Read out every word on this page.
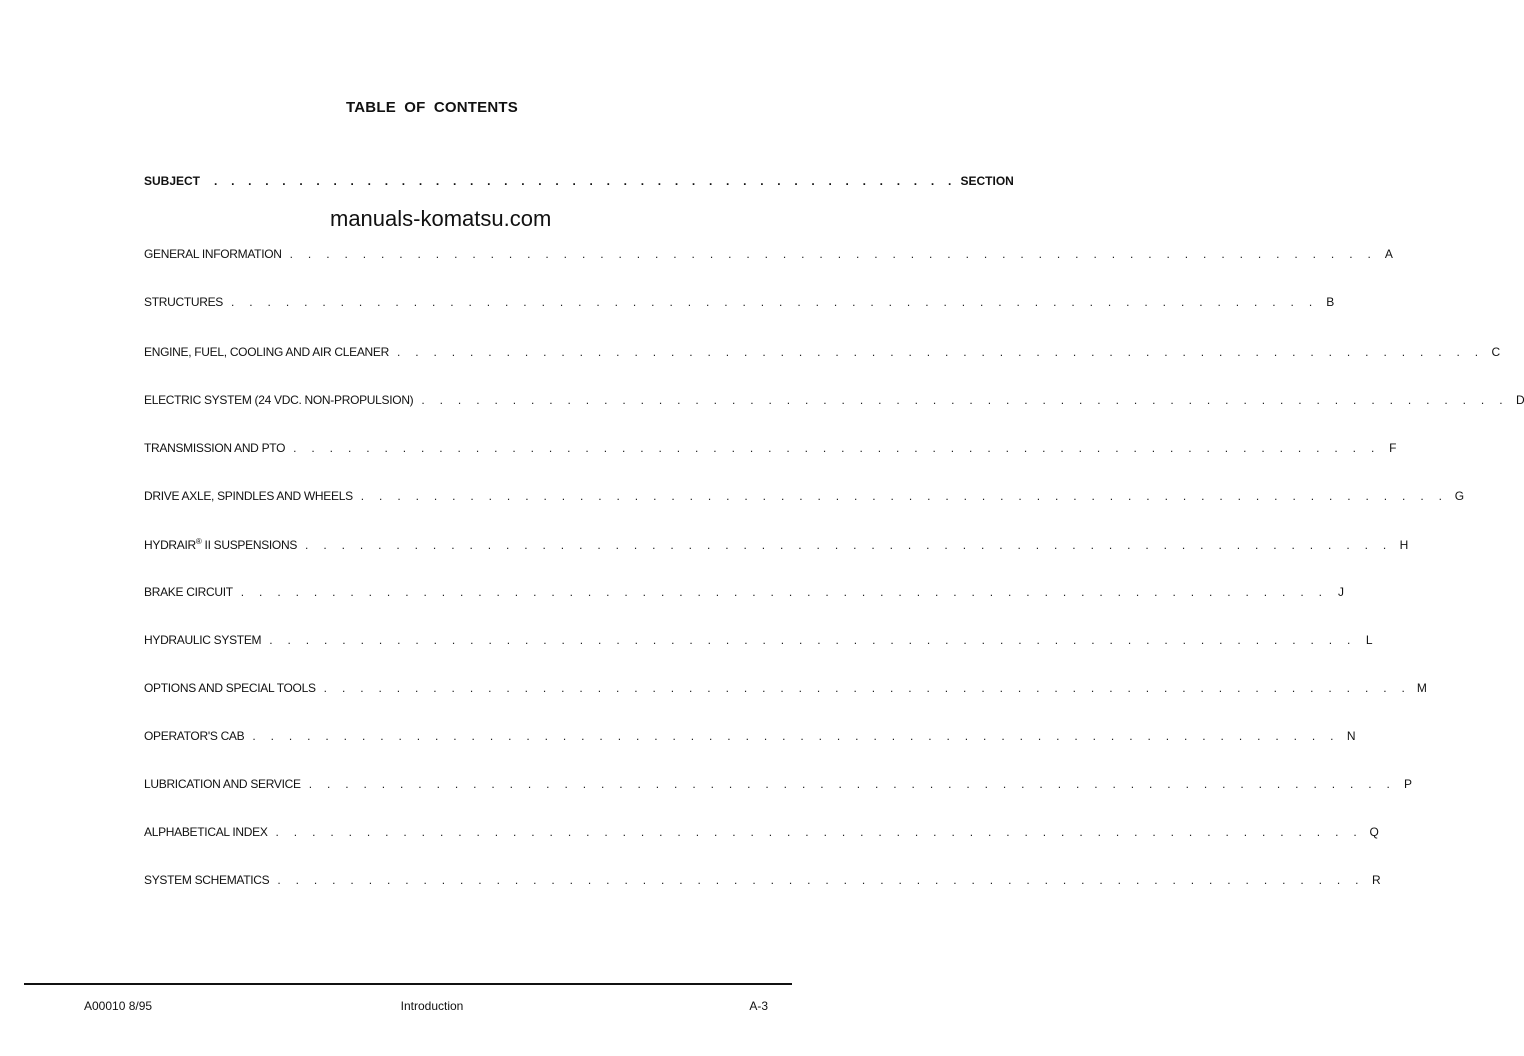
TABLE OF CONTENTS
SUBJECT . . . . . . . . . . . . . . . . . . . . . . . . . . . . . . . . . . . . . . . . . . . . SECTION
manuals-komatsu.com
GENERAL INFORMATION . . . . . . . . . . . . . . . . . . . . . . . . . . . . . . . . . . . . . . . . . . . . . . . . . . . . . . . . . . . . A
STRUCTURES . . . . . . . . . . . . . . . . . . . . . . . . . . . . . . . . . . . . . . . . . . . . . . . . . . . . . . . . . . . . B
ENGINE, FUEL, COOLING AND AIR CLEANER . . . . . . . . . . . . . . . . . . . . . . . . . . . . . . . . . . . . . . . . . . . . . . . . . . . . . . . . . . . . C
ELECTRIC SYSTEM (24 VDC. NON-PROPULSION) . . . . . . . . . . . . . . . . . . . . . . . . . . . . . . . . . . . . . . . . . . . . . . . . . . . . . . . . . . . . D
TRANSMISSION AND PTO . . . . . . . . . . . . . . . . . . . . . . . . . . . . . . . . . . . . . . . . . . . . . . . . . . . . . . . . . . . . F
DRIVE AXLE, SPINDLES AND WHEELS . . . . . . . . . . . . . . . . . . . . . . . . . . . . . . . . . . . . . . . . . . . . . . . . . . . . . . . . . . . . G
HYDRAIR® II SUSPENSIONS . . . . . . . . . . . . . . . . . . . . . . . . . . . . . . . . . . . . . . . . . . . . . . . . . . . . . . . . . . . . H
BRAKE CIRCUIT . . . . . . . . . . . . . . . . . . . . . . . . . . . . . . . . . . . . . . . . . . . . . . . . . . . . . . . . . . . . J
HYDRAULIC SYSTEM . . . . . . . . . . . . . . . . . . . . . . . . . . . . . . . . . . . . . . . . . . . . . . . . . . . . . . . . . . . . L
OPTIONS AND SPECIAL TOOLS . . . . . . . . . . . . . . . . . . . . . . . . . . . . . . . . . . . . . . . . . . . . . . . . . . . . . . . . . . . . M
OPERATOR'S CAB . . . . . . . . . . . . . . . . . . . . . . . . . . . . . . . . . . . . . . . . . . . . . . . . . . . . . . . . . . . . N
LUBRICATION AND SERVICE . . . . . . . . . . . . . . . . . . . . . . . . . . . . . . . . . . . . . . . . . . . . . . . . . . . . . . . . . . . . P
ALPHABETICAL INDEX . . . . . . . . . . . . . . . . . . . . . . . . . . . . . . . . . . . . . . . . . . . . . . . . . . . . . . . . . . . . Q
SYSTEM SCHEMATICS . . . . . . . . . . . . . . . . . . . . . . . . . . . . . . . . . . . . . . . . . . . . . . . . . . . . . . . . . . . . R
A00010 8/95	Introduction	A-3
